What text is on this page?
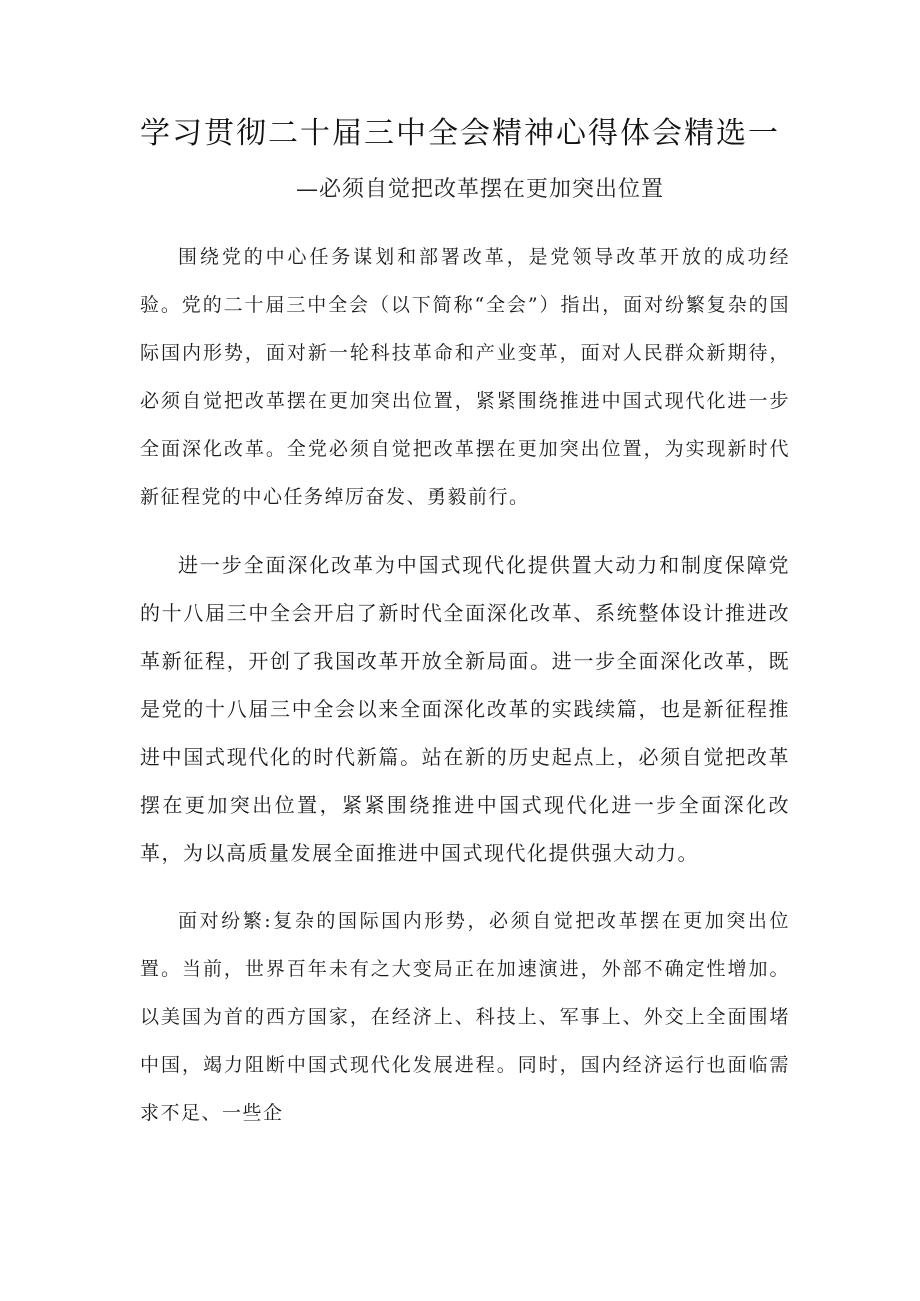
学习贯彻二十届三中全会精神心得体会精选一
—必须自觉把改革摆在更加突出位置

围绕党的中心任务谋划和部署改革，是党领导改革开放的成功经验。党的二十届三中全会（以下简称“全会”）指出，面对纷繁复杂的国际国内形势，面对新一轮科技革命和产业变革，面对人民群众新期待，必须自觉把改革摆在更加突出位置，紧紧围绕推进中国式现代化进一步全面深化改革。全党必须自觉把改革摆在更加突出位置，为实现新时代新征程党的中心任务绰厉奋发、勇毅前行。

进一步全面深化改革为中国式现代化提供置大动力和制度保障党的十八届三中全会开启了新时代全面深化改革、系统整体设计推进改革新征程，开创了我国改革开放全新局面。进一步全面深化改革，既是党的十八届三中全会以来全面深化改革的实践续篇，也是新征程推进中国式现代化的时代新篇。站在新的历史起点上，必须自觉把改革摆在更加突出位置，紧紧围绕推进中国式现代化进一步全面深化改革，为以高质量发展全面推进中国式现代化提供强大动力。

面对纷繁:复杂的国际国内形势，必须自觉把改革摆在更加突出位置。当前，世界百年未有之大变局正在加速演进，外部不确定性增加。以美国为首的西方国家，在经济上、科技上、军事上、外交上全面围堵中国，竭力阻断中国式现代化发展进程。同时，国内经济运行也面临需求不足、一些企
